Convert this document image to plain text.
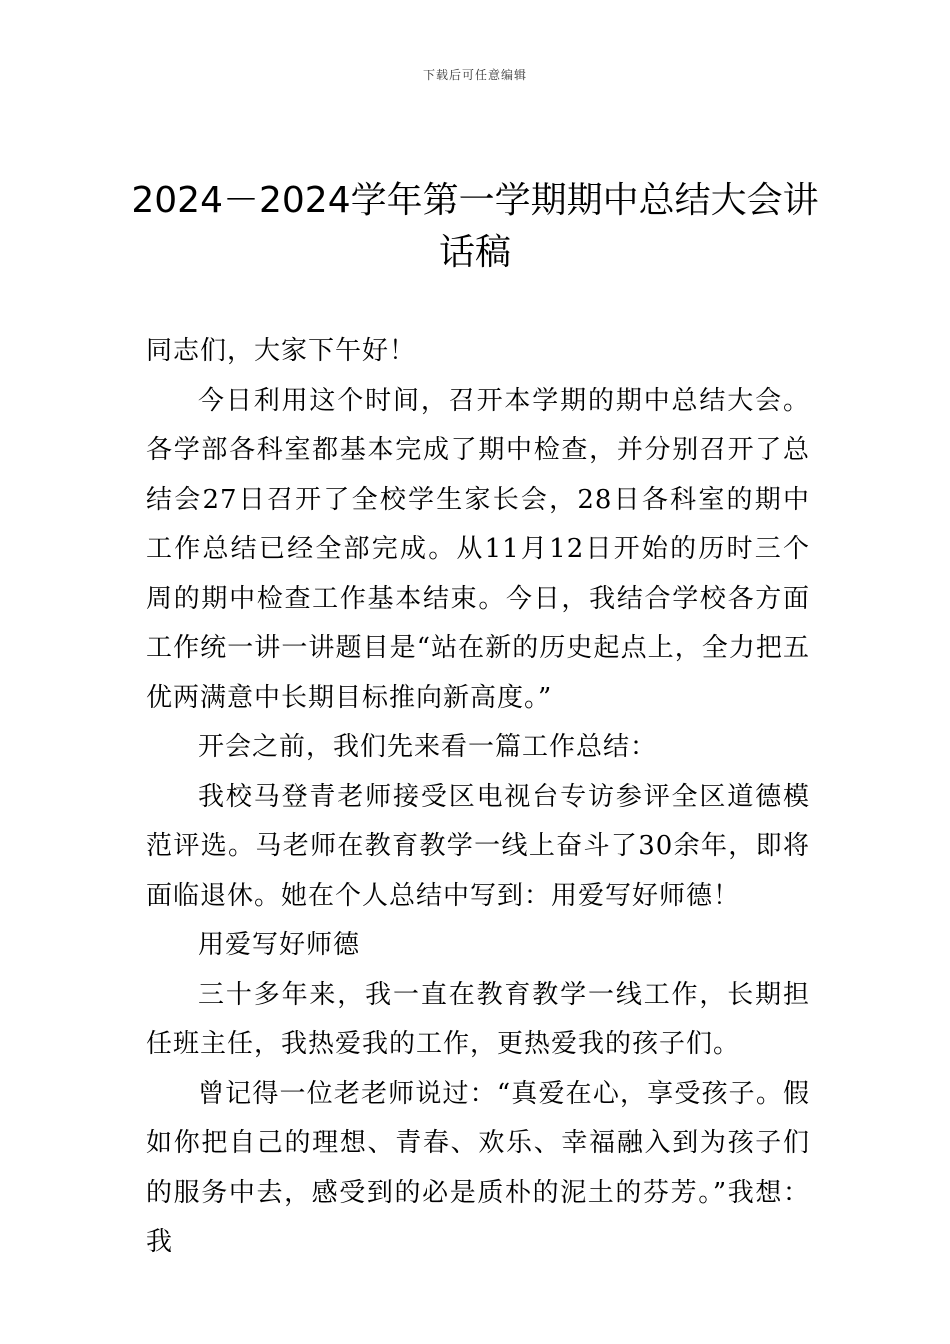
下载后可任意编辑
2024－2024学年第一学期期中总结大会讲话稿

同志们，大家下午好！

今日利用这个时间，召开本学期的期中总结大会。各学部各科室都基本完成了期中检查，并分别召开了总结会27日召开了全校学生家长会，28日各科室的期中工作总结已经全部完成。从11月12日开始的历时三个周的期中检查工作基本结束。今日，我结合学校各方面工作统一讲一讲题目是“站在新的历史起点上，全力把五优两满意中长期目标推向新高度。”

开会之前，我们先来看一篇工作总结：

我校马登青老师接受区电视台专访参评全区道德模范评选。马老师在教育教学一线上奋斗了30余年，即将面临退休。她在个人总结中写到：用爱写好师德！

用爱写好师德

三十多年来，我一直在教育教学一线工作，长期担任班主任，我热爱我的工作，更热爱我的孩子们。

曾记得一位老老师说过：“真爱在心，享受孩子。假如你把自己的理想、青春、欢乐、幸福融入到为孩子们的服务中去，感受到的必是质朴的泥土的芬芳。”我想：我
